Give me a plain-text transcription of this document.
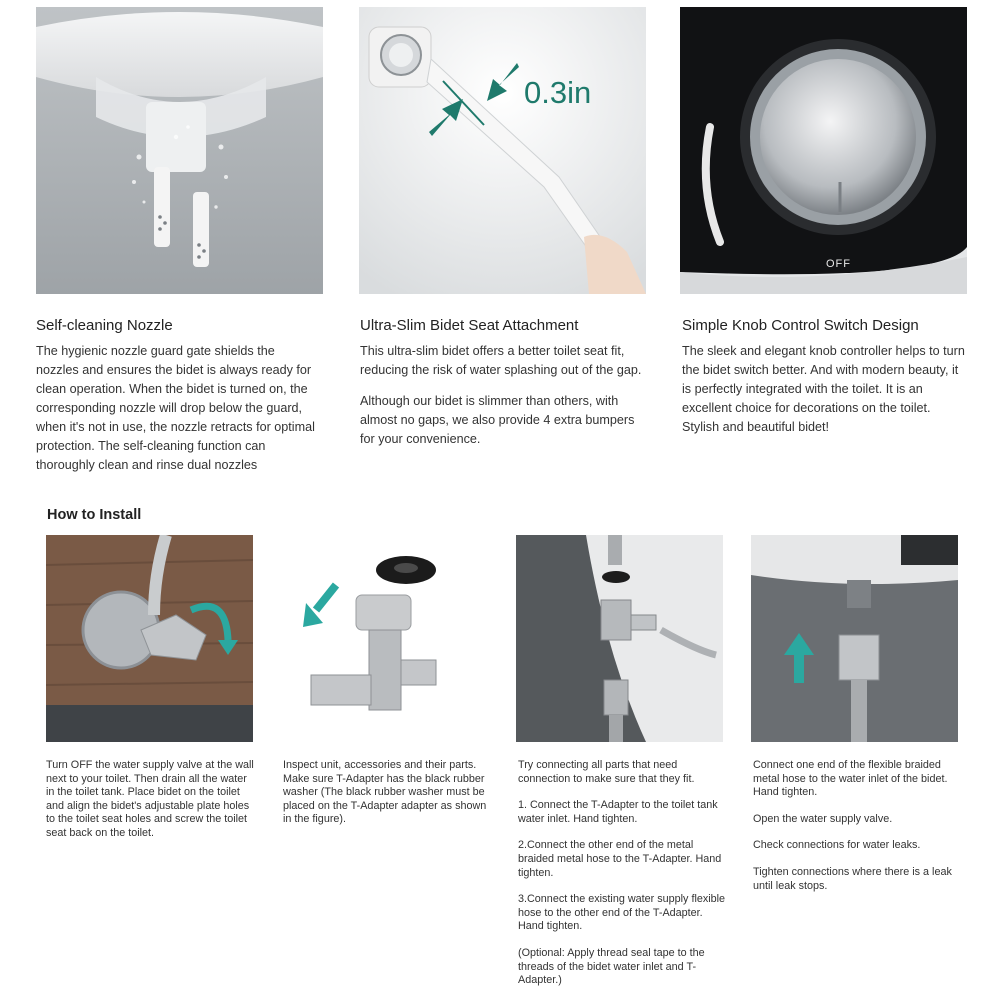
0.3in
OFF
Self-cleaning Nozzle

The hygienic nozzle guard gate shields the nozzles and ensures the bidet is always ready for clean operation. When the bidet is turned on, the corresponding nozzle will drop below the guard, when it's not in use, the nozzle retracts for optimal protection. The self-cleaning function can thoroughly clean and rinse dual nozzles

Ultra-Slim Bidet Seat Attachment

This ultra-slim bidet offers a better toilet seat fit, reducing the risk of water splashing out of the gap.

Although our bidet is slimmer than others, with almost no gaps, we also provide 4 extra bumpers for your convenience.

Simple Knob Control Switch Design

The sleek and elegant knob controller helps to turn the bidet switch better. And with modern beauty, it is perfectly integrated with the toilet. It is an excellent choice for decorations on the toilet. Stylish and beautiful bidet!

How to Install

Turn OFF the water supply valve at the wall next to your toilet. Then drain all the water in the toilet tank. Place bidet on the toilet and align the bidet's adjustable plate holes to the toilet seat holes and screw the toilet seat back on the toilet.

Inspect unit, accessories and their parts. Make sure T-Adapter has the black rubber washer (The black rubber washer must be placed on the T-Adapter adapter as shown in the figure).

Try connecting all parts that need connection to make sure that they fit.

1. Connect the T-Adapter to the toilet tank water inlet. Hand tighten.

2.Connect the other end of the metal braided metal hose to the T-Adapter. Hand tighten.

3.Connect the existing water supply flexible hose to the other end of the T-Adapter. Hand tighten.

(Optional: Apply thread seal tape to the threads of the bidet water inlet and T-Adapter.)

Connect one end of the flexible braided metal hose to the water inlet of the bidet. Hand tighten.

Open the water supply valve.

Check connections for water leaks.

Tighten connections where there is a leak until leak stops.
